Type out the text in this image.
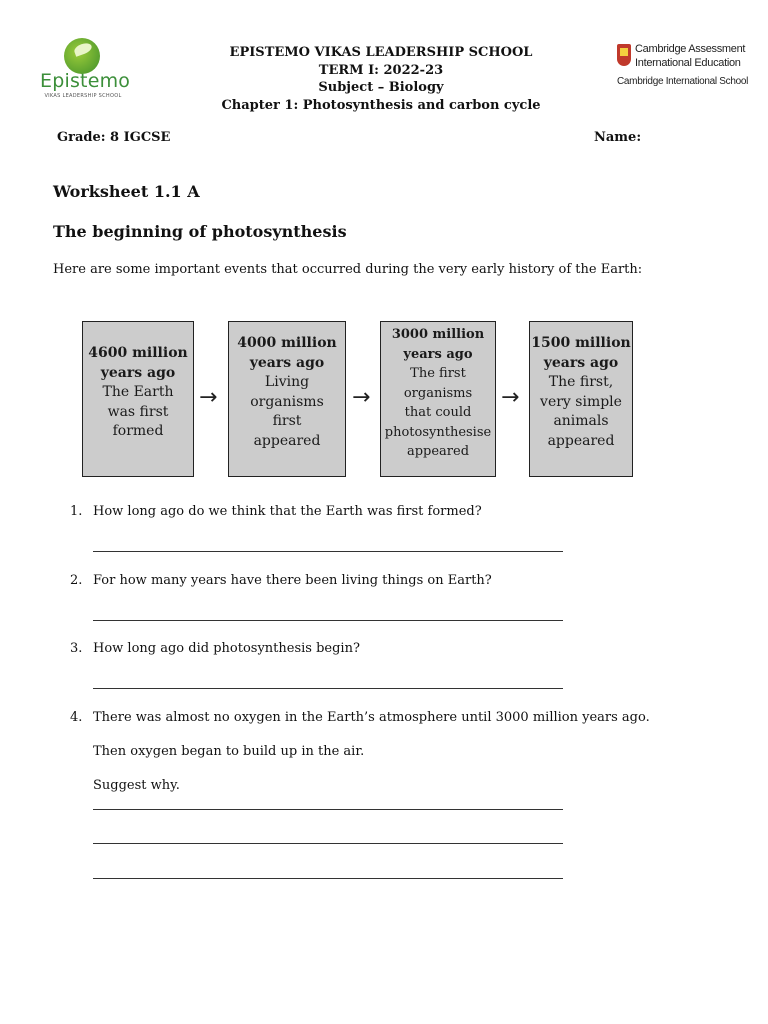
Epistemo
VIKAS LEADERSHIP SCHOOL
EPISTEMO VIKAS LEADERSHIP SCHOOL
TERM I: 2022-23
Subject – Biology
Chapter 1: Photosynthesis and carbon cycle
Cambridge Assessment
International Education
Cambridge International School
Grade: 8 IGCSE	Name:
Worksheet 1.1 A
The beginning of photosynthesis
Here are some important events that occurred during the very early history of the Earth:
4600 million
years ago
The Earth
was first
formed
→
4000 million
years ago
Living
organisms
first
appeared
→
3000 million
years ago
The first
organisms
that could
photosynthesise
appeared
→
1500 million
years ago
The first,
very simple
animals
appeared
1. How long ago do we think that the Earth was first formed?
2. For how many years have there been living things on Earth?
3. How long ago did photosynthesis begin?
4. There was almost no oxygen in the Earth’s atmosphere until 3000 million years ago.
Then oxygen began to build up in the air.
Suggest why.
